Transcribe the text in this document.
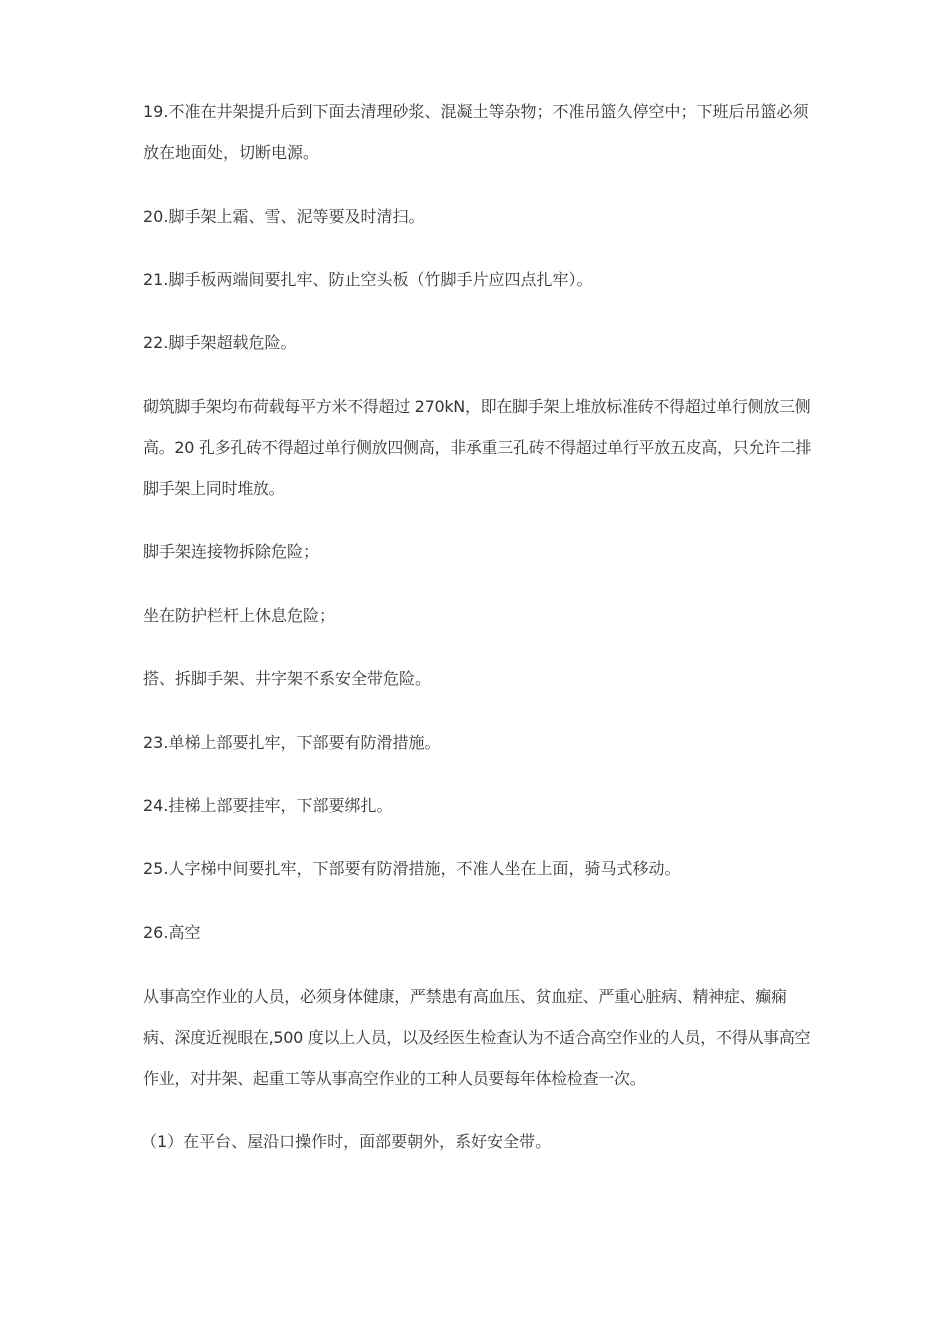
19.不准在井架提升后到下面去清理砂浆、混凝土等杂物；不准吊篮久停空中；下班后吊篮必须放在地面处，切断电源。

20.脚手架上霜、雪、泥等要及时清扫。

21.脚手板两端间要扎牢、防止空头板（竹脚手片应四点扎牢）。

22.脚手架超载危险。

砌筑脚手架均布荷载每平方米不得超过 270kN，即在脚手架上堆放标准砖不得超过单行侧放三侧高。20 孔多孔砖不得超过单行侧放四侧高，非承重三孔砖不得超过单行平放五皮高，只允许二排脚手架上同时堆放。

脚手架连接物拆除危险；

坐在防护栏杆上休息危险；

搭、拆脚手架、井字架不系安全带危险。

23.单梯上部要扎牢，下部要有防滑措施。

24.挂梯上部要挂牢，下部要绑扎。

25.人字梯中间要扎牢，下部要有防滑措施，不准人坐在上面，骑马式移动。

26.高空

从事高空作业的人员，必须身体健康，严禁患有高血压、贫血症、严重心脏病、精神症、癫痫病、深度近视眼在,500 度以上人员，以及经医生检查认为不适合高空作业的人员，不得从事高空作业，对井架、起重工等从事高空作业的工种人员要每年体检检查一次。

（1）在平台、屋沿口操作时，面部要朝外，系好安全带。
